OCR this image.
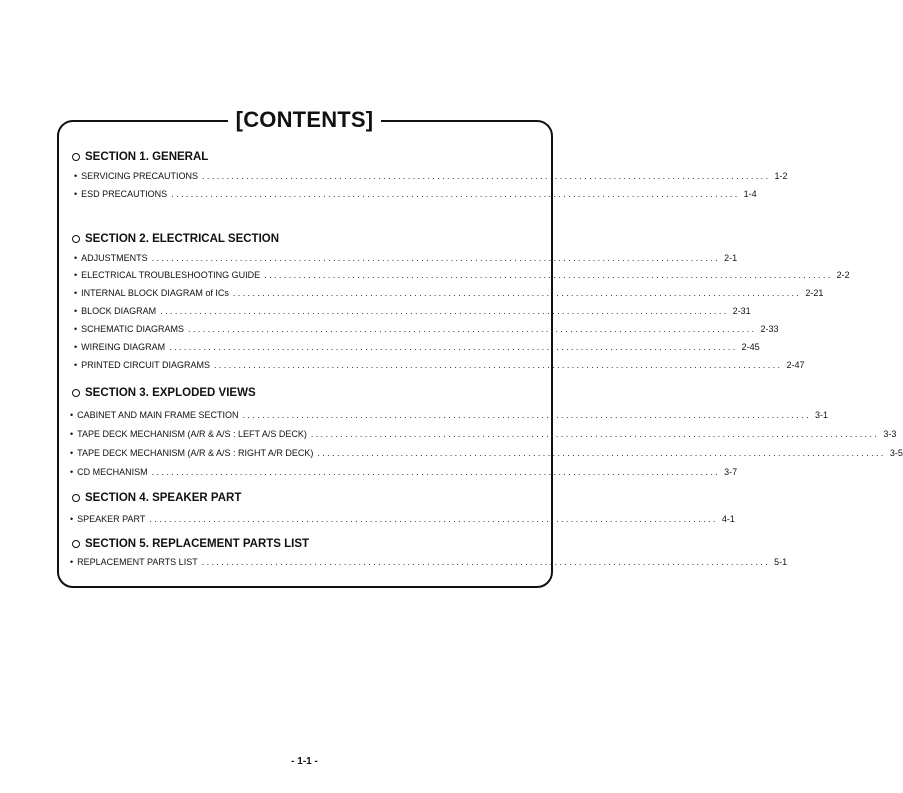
[CONTENTS]
SECTION 1. GENERAL
• SERVICING PRECAUTIONS .................................................................................................................... 1-2
• ESD PRECAUTIONS .................................................................................................................... 1-4
SECTION 2. ELECTRICAL SECTION
• ADJUSTMENTS .................................................................................................................... 2-1
• ELECTRICAL TROUBLESHOOTING GUIDE .................................................................................................................... 2-2
• INTERNAL BLOCK DIAGRAM of ICs .................................................................................................................... 2-21
• BLOCK DIAGRAM .................................................................................................................... 2-31
• SCHEMATIC DIAGRAMS .................................................................................................................... 2-33
• WIREING DIAGRAM .................................................................................................................... 2-45
• PRINTED CIRCUIT DIAGRAMS .................................................................................................................... 2-47
SECTION 3. EXPLODED VIEWS
• CABINET AND MAIN FRAME SECTION .................................................................................................................... 3-1
• TAPE DECK MECHANISM (A/R & A/S : LEFT A/S DECK) .................................................................................................................... 3-3
• TAPE DECK MECHANISM (A/R & A/S : RIGHT A/R DECK) .................................................................................................................... 3-5
• CD MECHANISM .................................................................................................................... 3-7
SECTION 4. SPEAKER PART
• SPEAKER PART .................................................................................................................... 4-1
SECTION 5. REPLACEMENT PARTS LIST
• REPLACEMENT PARTS LIST .................................................................................................................... 5-1
- 1-1 -
